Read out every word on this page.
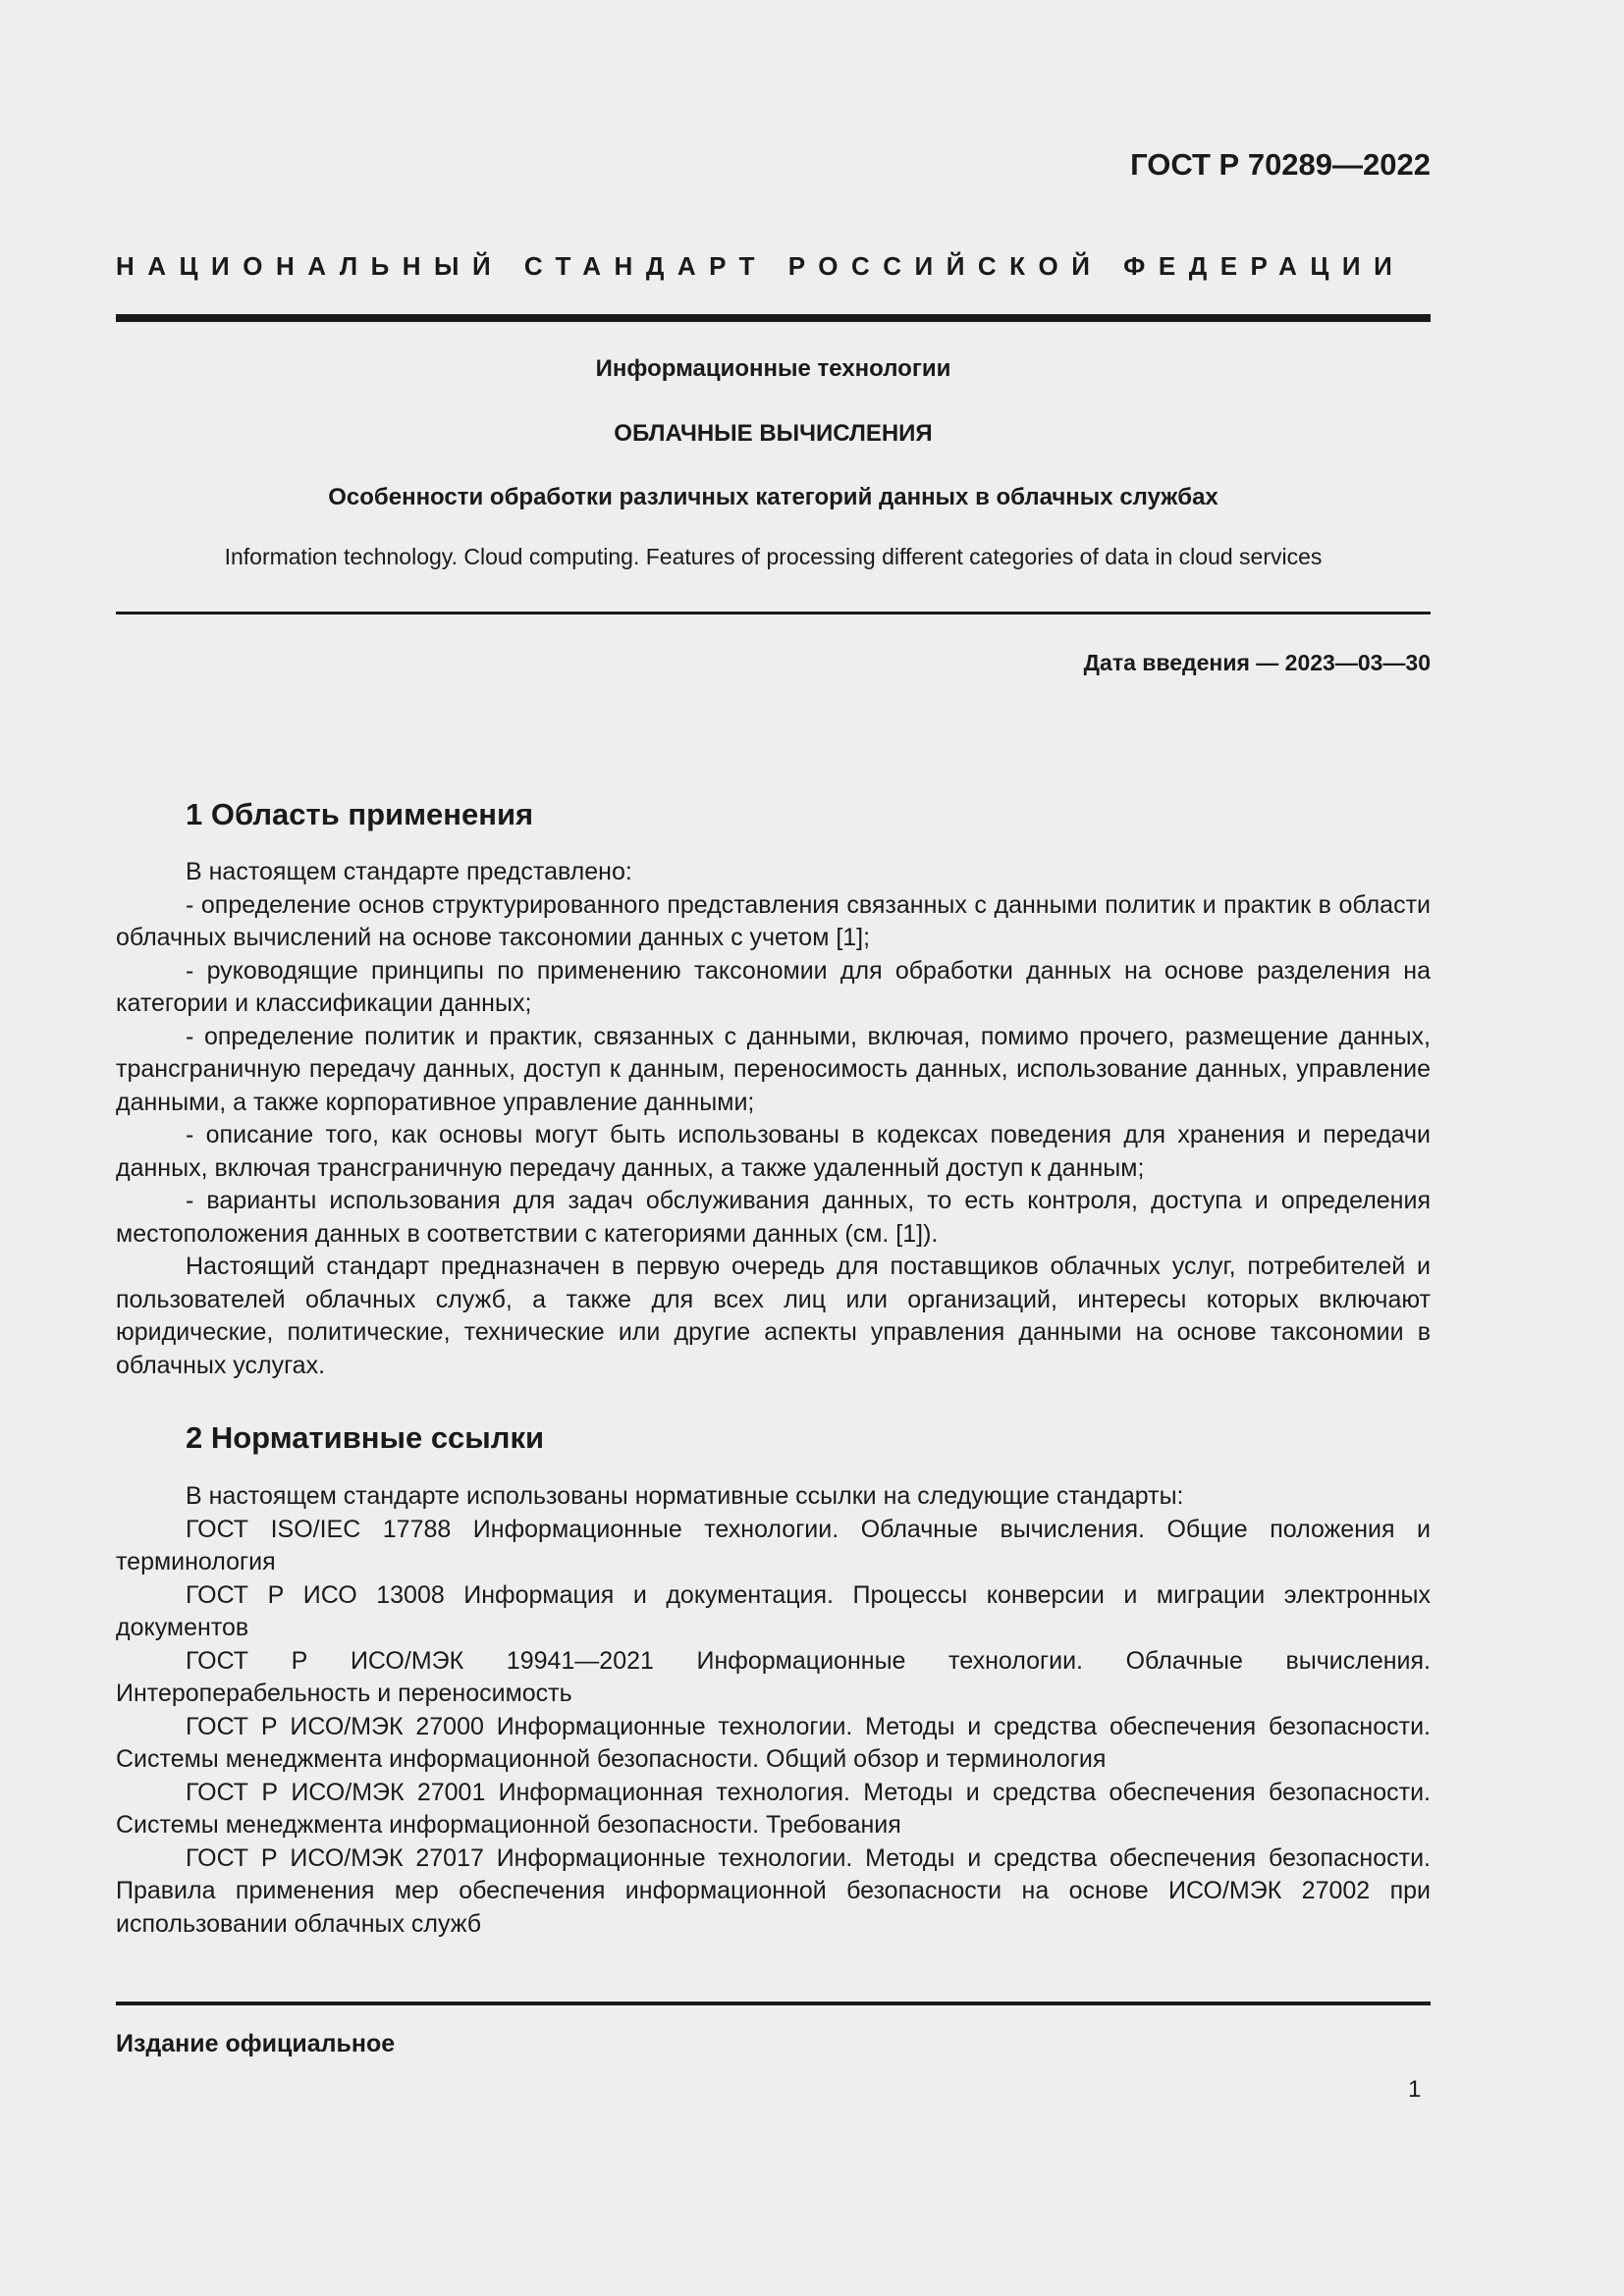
ГОСТ Р 70289—2022
НАЦИОНАЛЬНЫЙ СТАНДАРТ РОССИЙСКОЙ ФЕДЕРАЦИИ
Информационные технологии
ОБЛАЧНЫЕ ВЫЧИСЛЕНИЯ
Особенности обработки различных категорий данных в облачных службах
Information technology. Cloud computing. Features of processing different categories of data in cloud services
Дата введения — 2023—03—30
1 Область применения

В настоящем стандарте представлено:

- определение основ структурированного представления связанных с данными политик и практик в области облачных вычислений на основе таксономии данных с учетом [1];

- руководящие принципы по применению таксономии для обработки данных на основе разделения на категории и классификации данных;

- определение политик и практик, связанных с данными, включая, помимо прочего, размещение данных, трансграничную передачу данных, доступ к данным, переносимость данных, использование данных, управление данными, а также корпоративное управление данными;

- описание того, как основы могут быть использованы в кодексах поведения для хранения и передачи данных, включая трансграничную передачу данных, а также удаленный доступ к данным;

- варианты использования для задач обслуживания данных, то есть контроля, доступа и определения местоположения данных в соответствии с категориями данных (см. [1]).

Настоящий стандарт предназначен в первую очередь для поставщиков облачных услуг, потребителей и пользователей облачных служб, а также для всех лиц или организаций, интересы которых включают юридические, политические, технические или другие аспекты управления данными на основе таксономии в облачных услугах.

2 Нормативные ссылки

В настоящем стандарте использованы нормативные ссылки на следующие стандарты:

ГОСТ ISO/IEC 17788 Информационные технологии. Облачные вычисления. Общие положения и терминология

ГОСТ Р ИСО 13008 Информация и документация. Процессы конверсии и миграции электронных документов

ГОСТ Р ИСО/МЭК 19941—2021 Информационные технологии. Облачные вычисления. Интероперабельность и переносимость

ГОСТ Р ИСО/МЭК 27000 Информационные технологии. Методы и средства обеспечения безопасности. Системы менеджмента информационной безопасности. Общий обзор и терминология

ГОСТ Р ИСО/МЭК 27001 Информационная технология. Методы и средства обеспечения безопасности. Системы менеджмента информационной безопасности. Требования

ГОСТ Р ИСО/МЭК 27017 Информационные технологии. Методы и средства обеспечения безопасности. Правила применения мер обеспечения информационной безопасности на основе ИСО/МЭК 27002 при использовании облачных служб

Издание официальное
1
